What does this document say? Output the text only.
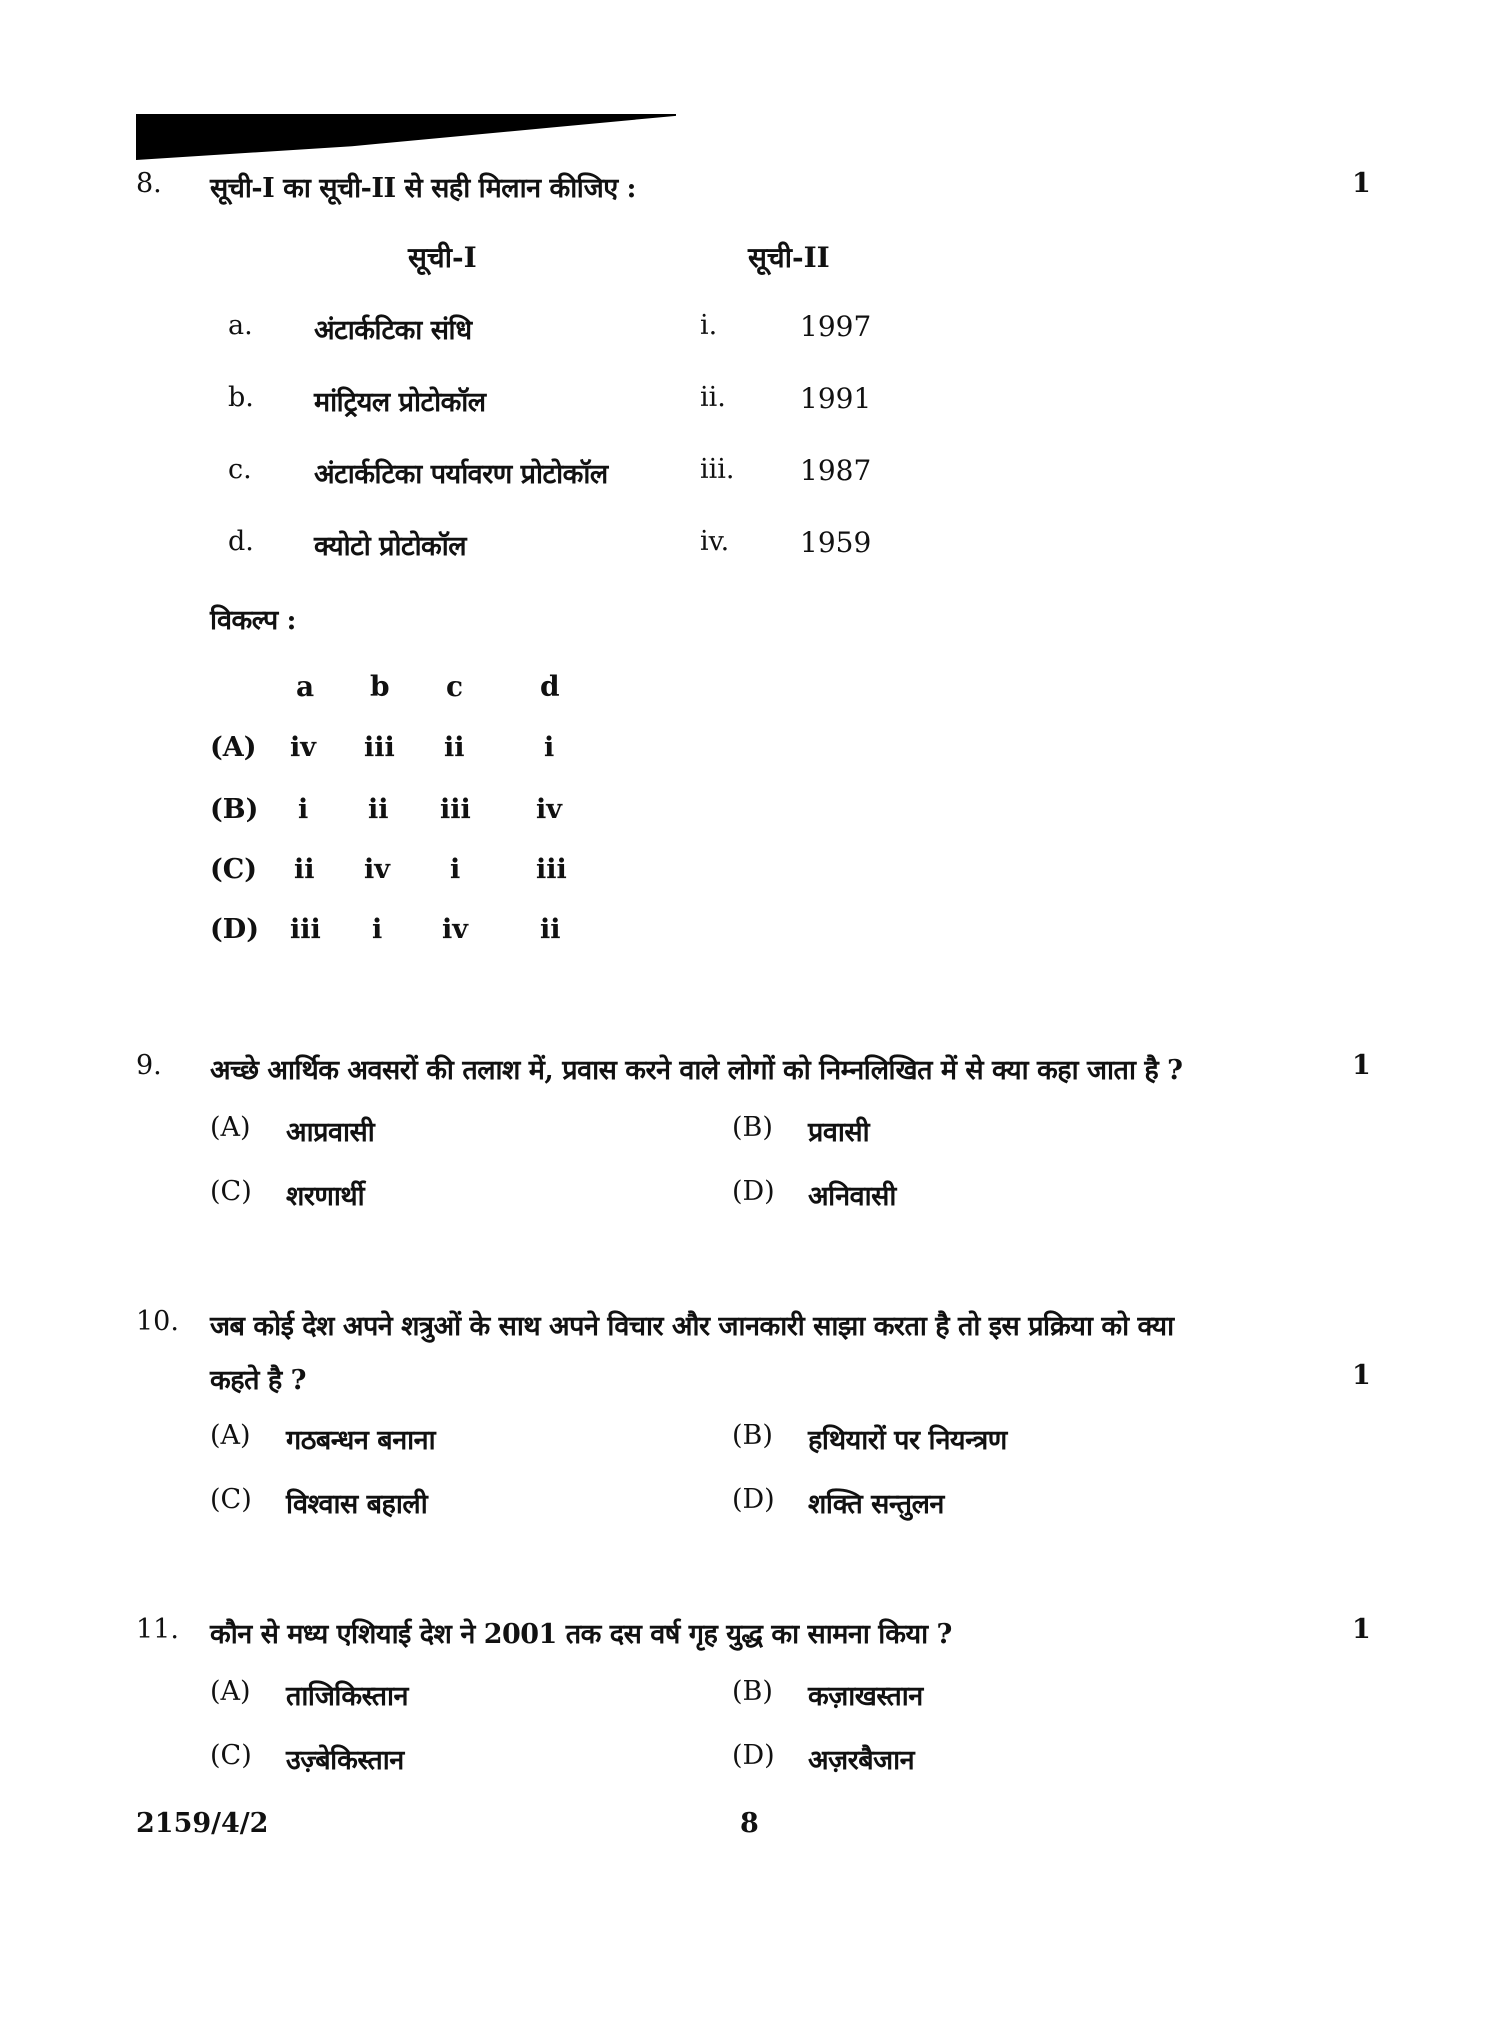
8. सूची-I का सूची-II से सही मिलान कीजिए :	1
सूची-I	सूची-II
a. अंटार्कटिका संधि	i.	1997
b. मांट्रियल प्रोटोकॉल	ii.	1991
c. अंटार्कटिका पर्यावरण प्रोटोकॉल	iii. 1987
d. क्योटो प्रोटोकॉल	iv.	1959
विकल्प :
a b c	d
(A) iv iii ii	i
(B) i ii iii iv
(C) ii iv i	iii
(D) iii i iv	ii
9. अच्छे आर्थिक अवसरों की तलाश में, प्रवास करने वाले लोगों को निम्नलिखित में से क्या कहा जाता है ?	1
(A) आप्रवासी	(B) प्रवासी
(C) शरणार्थी	(D) अनिवासी
10. जब कोई देश अपने शत्रुओं के साथ अपने विचार और जानकारी साझा करता है तो इस प्रक्रिया को क्या
कहते है ?	1
(A) गठबन्धन बनाना	(B) हथियारों पर नियन्त्रण
(C) विश्वास बहाली	(D) शक्ति सन्तुलन
11. कौन से मध्य एशियाई देश ने 2001 तक दस वर्ष गृह युद्ध का सामना किया ?	1
(A) ताजिकिस्तान	(B) कज़ाखस्तान
(C) उज़्बेकिस्तान	(D) अज़रबैजान
2159/4/2	8
